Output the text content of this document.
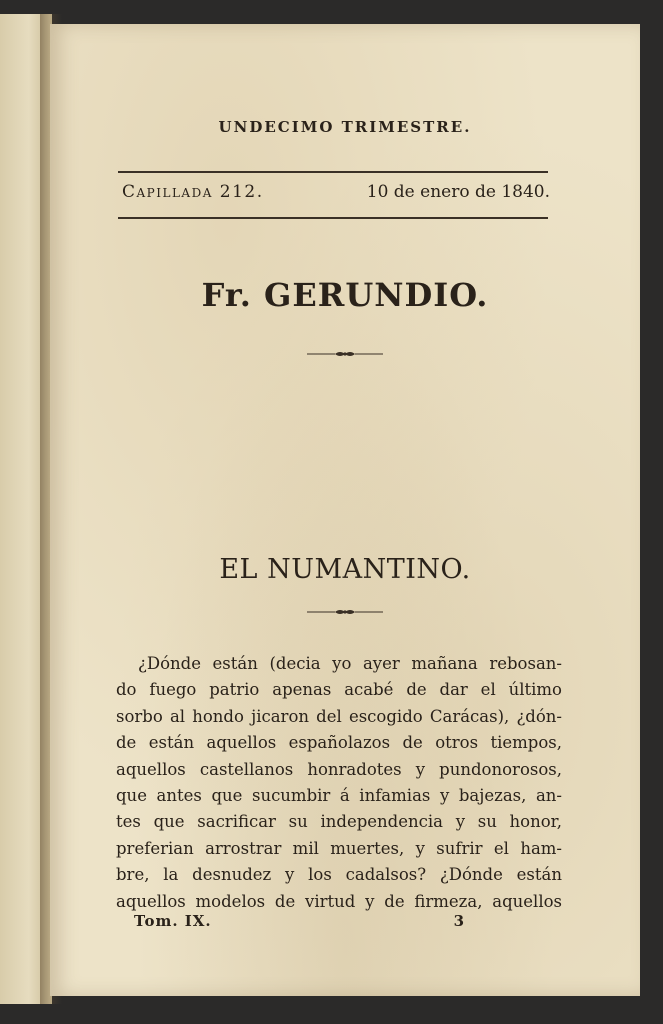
UNDECIMO TRIMESTRE.
Capillada 212.	10 de enero de 1840.
Fr. GERUNDIO.
EL NUMANTINO.
¿Dónde están (decia yo ayer mañana rebosan-
do fuego patrio apenas acabé de dar el último
sorbo al hondo jicaron del escogido Carácas), ¿dón-
de están aquellos españolazos de otros tiempos,
aquellos castellanos honradotes y pundonorosos,
que antes que sucumbir á infamias y bajezas, an-
tes que sacrificar su independencia y su honor,
preferian arrostrar mil muertes, y sufrir el ham-
bre, la desnudez y los cadalsos? ¿Dónde están
aquellos modelos de virtud y de firmeza, aquellos
Tom. IX.	3
